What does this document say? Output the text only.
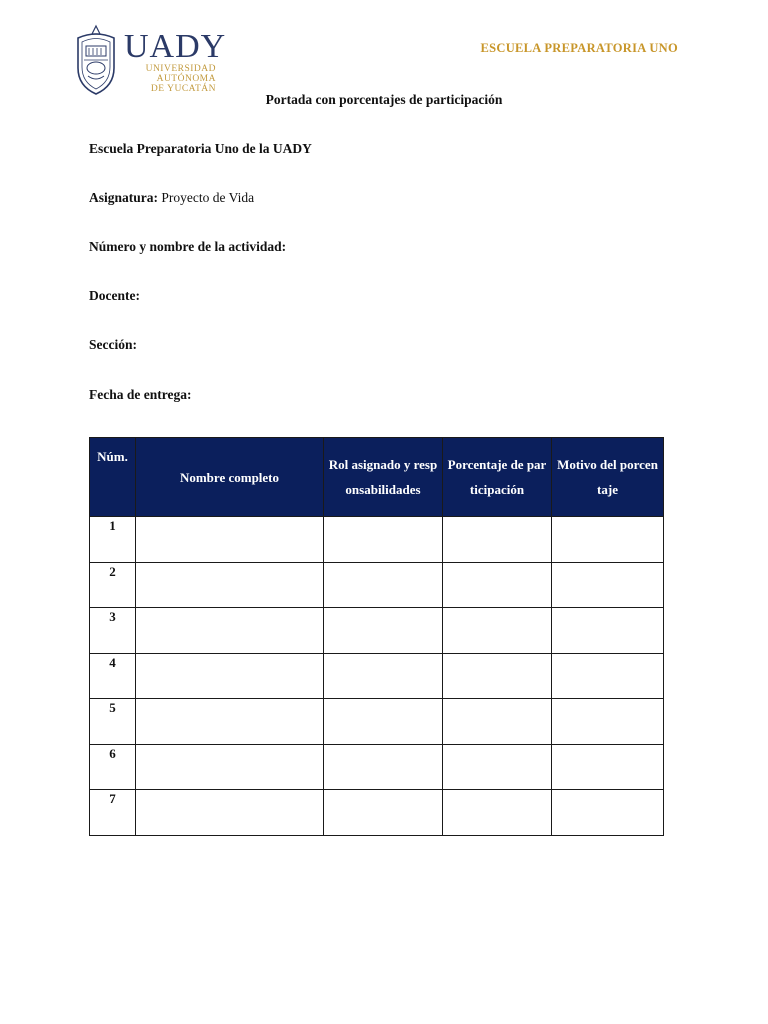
UADY
UNIVERSIDAD
AUTÓNOMA
DE YUCATÁN
ESCUELA PREPARATORIA UNO
Portada con porcentajes de participación
Escuela Preparatoria Uno de la UADY
Asignatura: Proyecto de Vida
Número y nombre de la actividad:
Docente:
Sección:
Fecha de entrega:
Núm.	Nombre completo	Rol asignado y responsabilidades	Porcentaje de participación	Motivo del porcentaje
1				
2				
3				
4				
5				
6				
7				
